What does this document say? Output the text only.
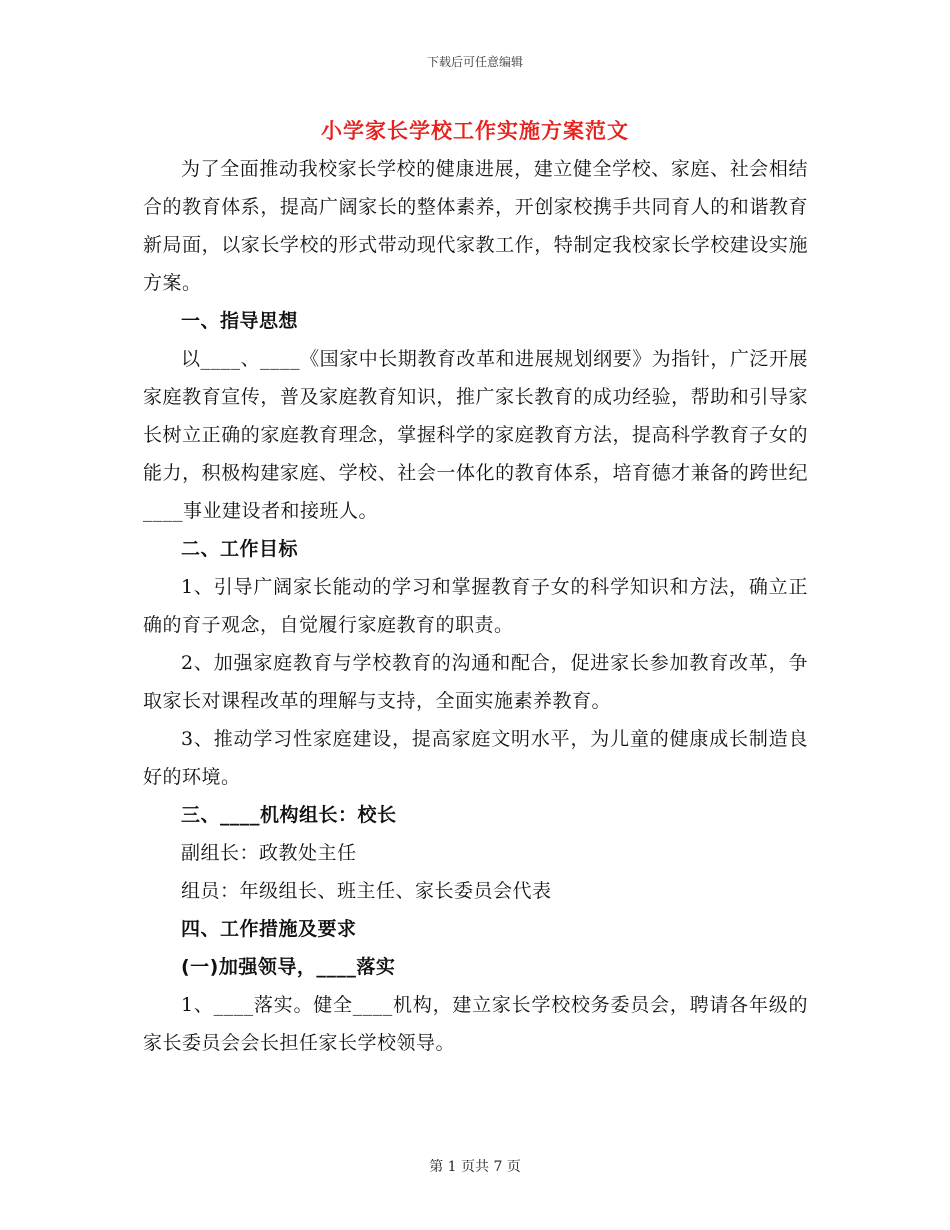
下载后可任意编辑
小学家长学校工作实施方案范文

为了全面推动我校家长学校的健康进展，建立健全学校、家庭、社会相结合的教育体系，提高广阔家长的整体素养，开创家校携手共同育人的和谐教育新局面，以家长学校的形式带动现代家教工作，特制定我校家长学校建设实施方案。

一、指导思想

以____、____《国家中长期教育改革和进展规划纲要》为指针，广泛开展家庭教育宣传，普及家庭教育知识，推广家长教育的成功经验，帮助和引导家长树立正确的家庭教育理念，掌握科学的家庭教育方法，提高科学教育子女的能力，积极构建家庭、学校、社会一体化的教育体系，培育德才兼备的跨世纪____事业建设者和接班人。

二、工作目标

1、引导广阔家长能动的学习和掌握教育子女的科学知识和方法，确立正确的育子观念，自觉履行家庭教育的职责。

2、加强家庭教育与学校教育的沟通和配合，促进家长参加教育改革，争取家长对课程改革的理解与支持，全面实施素养教育。

3、推动学习性家庭建设，提高家庭文明水平，为儿童的健康成长制造良好的环境。

三、____机构组长：校长

副组长：政教处主任

组员：年级组长、班主任、家长委员会代表

四、工作措施及要求

(一)加强领导，____落实

1、____落实。健全____机构，建立家长学校校务委员会，聘请各年级的家长委员会会长担任家长学校领导。

第 1 页共 7 页
